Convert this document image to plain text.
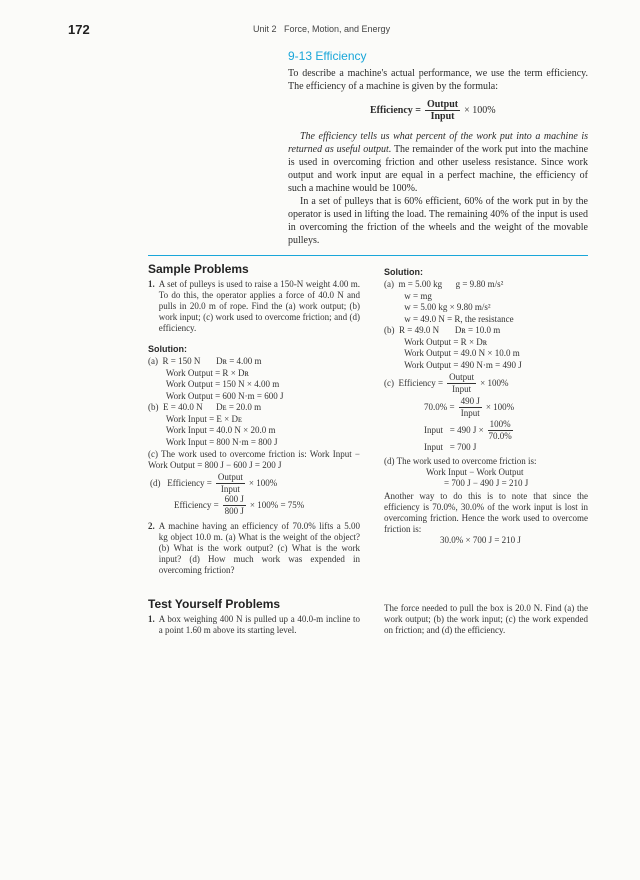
172	Unit 2   Force, Motion, and Energy
9-13 Efficiency

To describe a machine's actual performance, we use the term efficiency. The efficiency of a machine is given by the formula:

Efficiency = $\frac{\text{Output}}{\text{Input}} \times 100\%$

The efficiency tells us what percent of the work put into a machine is returned as useful output. The remainder of the work put into the machine is used in overcoming friction and other useless resistance. Since work output and work input are equal in a perfect machine, the efficiency of such a machine would be 100%.

In a set of pulleys that is 60% efficient, 60% of the work put in by the operator is used in lifting the load. The remaining 40% of the input is used in overcoming the friction of the wheels and the weight of the movable pulleys.

Sample Problems
1. A set of pulleys is used to raise a 150-N weight 4.00 m. To do this, the operator applies a force of 40.0 N and pulls in 20.0 m of rope. Find the (a) work output; (b) work input; (c) work used to overcome friction; and (d) efficiency.
Solution:
(a)  R = 150 N       Dʀ = 4.00 m
Work Output = R × Dʀ
Work Output = 150 N × 4.00 m
Work Output = 600 N·m = 600 J
(b)  E = 40.0 N      Dᴇ = 20.0 m
Work Input = E × Dᴇ
Work Input = 40.0 N × 20.0 m
Work Input = 800 N·m = 800 J
(c) The work used to overcome friction is: Work Input − Work Output = 800 J − 600 J = 200 J
(d)   Efficiency = $\frac{\text{Output}}{\text{Input}} \times 100\%$
Efficiency = $\frac{600 J}{800 J} \times 100\% = 75\%$
2. A machine having an efficiency of 70.0% lifts a 5.00 kg object 10.0 m. (a) What is the weight of the object? (b) What is the work output? (c) What is the work input? (d) How much work was expended in overcoming friction?
Solution:
(a)  m = 5.00 kg      g = 9.80 m/s²
w = mg
w = 5.00 kg × 9.80 m/s²
w = 49.0 N = R, the resistance
(b)  R = 49.0 N       Dʀ = 10.0 m
Work Output = R × Dʀ
Work Output = 49.0 N × 10.0 m
Work Output = 490 N·m = 490 J
(c)  Efficiency = $\frac{\text{Output}}{\text{Input}} \times 100\%$
$70.0\% = \frac{490 J}{\text{Input}} \times 100\%$
Input   = 490 $J \times \frac{100\%}{70.0\%}$
Input   = 700 J
(d) The work used to overcome friction is:
Work Input − Work Output
= 700 J − 490 J = 210 J
Another way to do this is to note that since the efficiency is 70.0%, 30.0% of the work input is lost in overcoming friction. Hence the work used to overcome friction is:
30.0% × 700 J = 210 J
Test Yourself Problems
1. A box weighing 400 N is pulled up a 40.0-m incline to a point 1.60 m above its starting level.
The force needed to pull the box is 20.0 N. Find (a) the work output; (b) the work input; (c) the work expended on friction; and (d) the efficiency.
